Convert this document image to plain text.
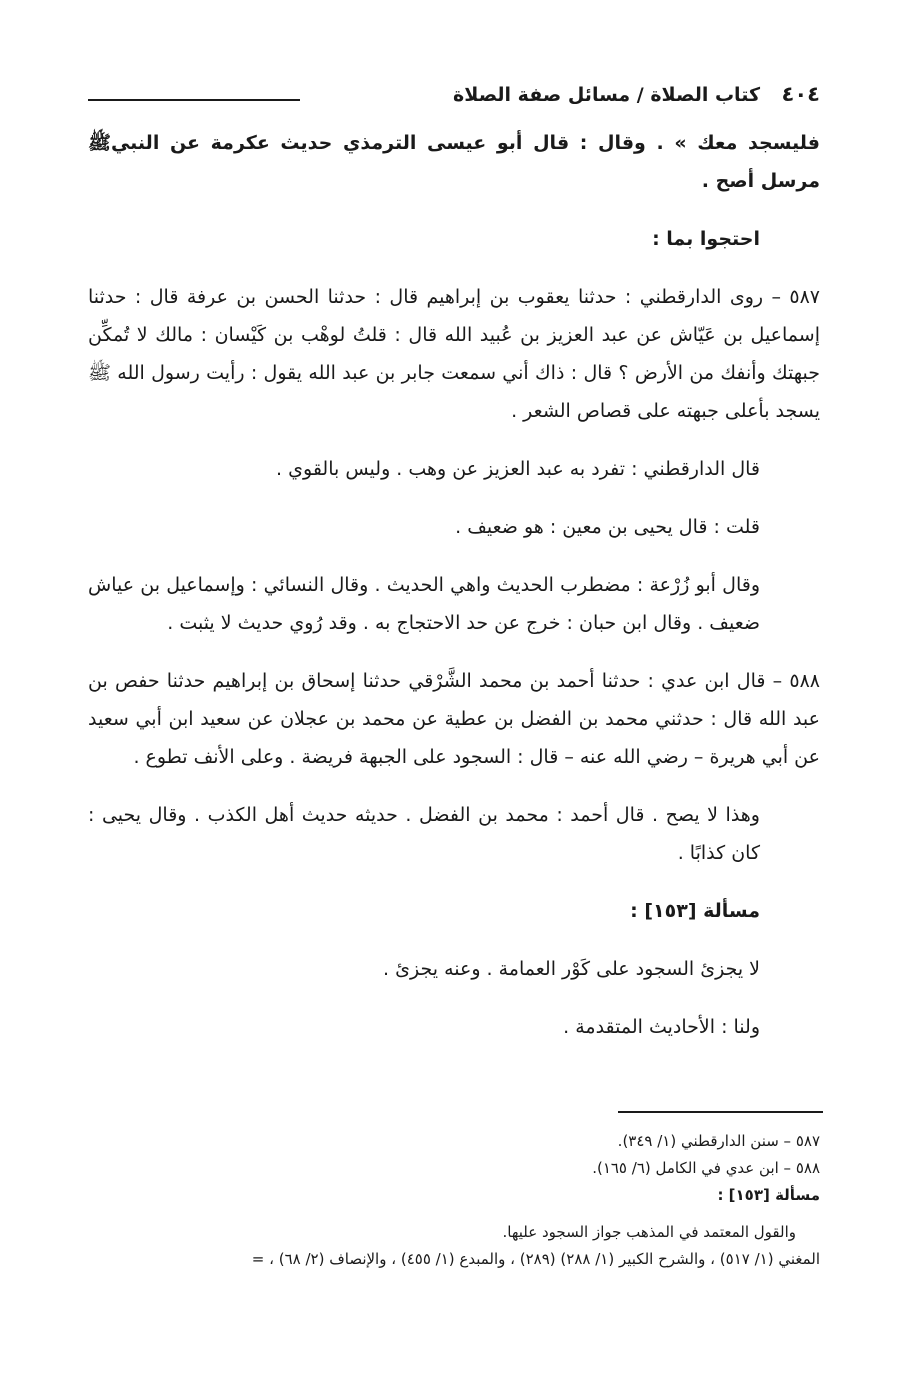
٤٠٤
كتاب الصلاة / مسائل صفة الصلاة

فليسجد معك » . وقال : قال أبو عيسى الترمذي حديث عكرمة عن النبيﷺ مرسل أصح .

احتجوا بما :

٥٨٧ – روى الدارقطني : حدثنا يعقوب بن إبراهيم قال : حدثنا الحسن بن عرفة قال : حدثنا إسماعيل بن عَيّاش عن عبد العزيز بن عُبيد الله قال : قلتُ لوهْب بن كَيْسان : مالك لا تُمكِّن جبهتك وأنفك من الأرض ؟ قال : ذاك أني سمعت جابر بن عبد الله يقول : رأيت رسول الله ﷺ يسجد بأعلى جبهته على قصاص الشعر .

قال الدارقطني : تفرد به عبد العزيز عن وهب . وليس بالقوي .

قلت : قال يحيى بن معين : هو ضعيف .

وقال أبو زُرْعة : مضطرب الحديث واهي الحديث . وقال النسائي : وإسماعيل بن عياش ضعيف . وقال ابن حبان : خرج عن حد الاحتجاج به . وقد رُوي حديث لا يثبت .

٥٨٨ – قال ابن عدي : حدثنا أحمد بن محمد الشَّرْقي حدثنا إسحاق بن إبراهيم حدثنا حفص بن عبد الله قال : حدثني محمد بن الفضل بن عطية عن محمد بن عجلان عن سعيد ابن أبي سعيد عن أبي هريرة – رضي الله عنه – قال : السجود على الجبهة فريضة . وعلى الأنف تطوع .

وهذا لا يصح . قال أحمد : محمد بن الفضل . حديثه حديث أهل الكذب . وقال يحيى : كان كذابًا .

مسألة [١٥٣] :

لا يجزئ السجود على كَوْر العمامة . وعنه يجزئ .

ولنا : الأحاديث المتقدمة .

٥٨٧ – سنن الدارقطني (١/ ٣٤٩).

٥٨٨ – ابن عدي في الكامل (٦/ ١٦٥).

مسألة [١٥٣] :

والقول المعتمد في المذهب جواز السجود عليها.

المغني (١/ ٥١٧) ، والشرح الكبير (١/ ٢٨٨) (٢٨٩) ، والمبدع (١/ ٤٥٥) ، والإنصاف (٢/ ٦٨) ، =
